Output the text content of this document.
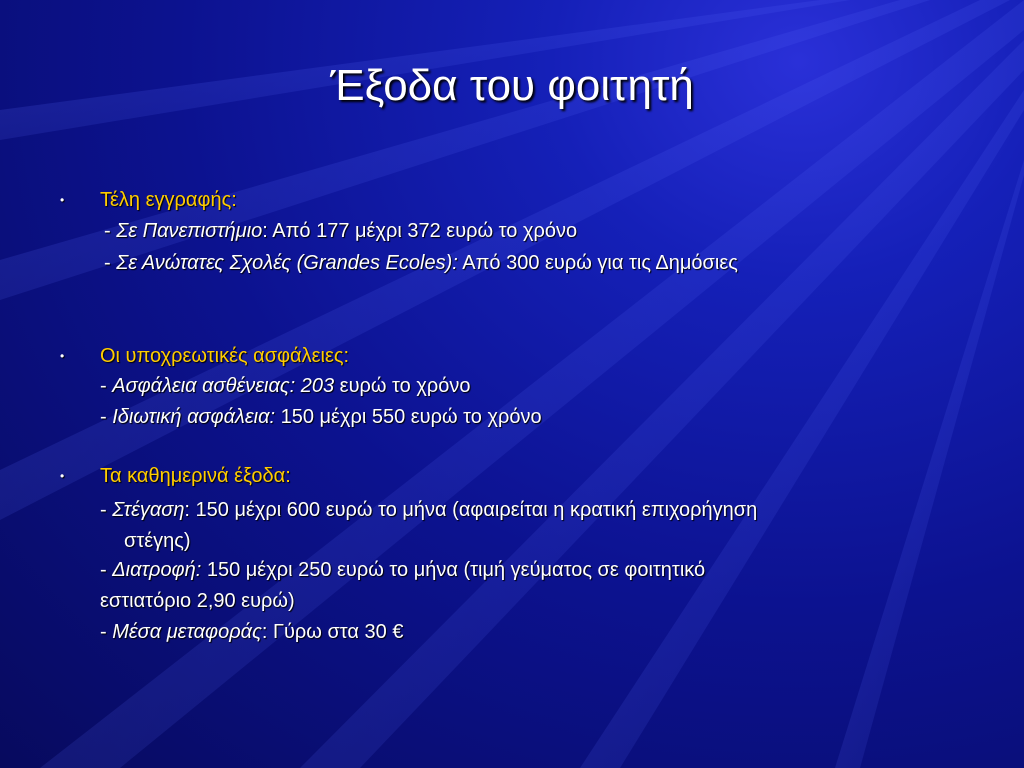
Έξοδα του φοιτητή
• Τέλη εγγραφής:
- Σε Πανεπιστήμιο: Από 177 μέχρι 372 ευρώ το χρόνο
- Σε Ανώτατες Σχολές (Grandes Ecoles): Από 300 ευρώ για τις Δημόσιες
• Οι υποχρεωτικές ασφάλειες:
- Ασφάλεια ασθένειας: 203 ευρώ το χρόνο
- Ιδιωτική ασφάλεια: 150 μέχρι 550 ευρώ το χρόνο
• Τα καθημερινά έξοδα:
- Στέγαση: 150 μέχρι 600 ευρώ το μήνα (αφαιρείται η κρατική επιχορήγηση
στέγης)
- Διατροφή: 150 μέχρι 250 ευρώ το μήνα (τιμή γεύματος σε φοιτητικό
εστιατόριο 2,90 ευρώ)
- Μέσα μεταφοράς: Γύρω στα 30 €
